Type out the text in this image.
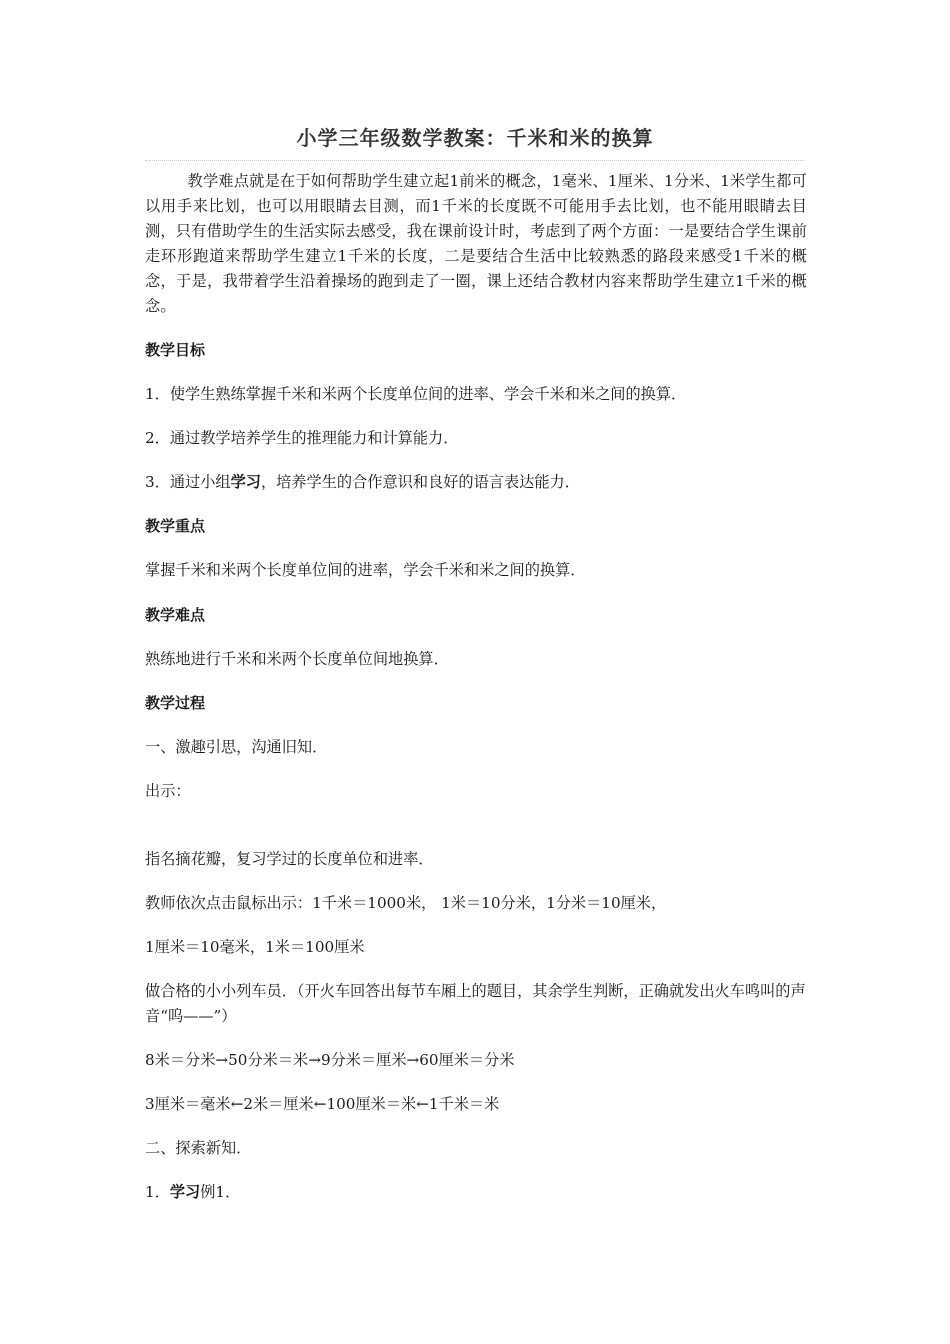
小学三年级数学教案：千米和米的换算
教学难点就是在于如何帮助学生建立起1前米的概念，1毫米、1厘米、1分米、1米学生都可以用手来比划，也可以用眼睛去目测，而1千米的长度既不可能用手去比划，也不能用眼睛去目测，只有借助学生的生活实际去感受，我在课前设计时，考虑到了两个方面：一是要结合学生课前走环形跑道来帮助学生建立1千米的长度，二是要结合生活中比较熟悉的路段来感受1千米的概念，于是，我带着学生沿着操场的跑到走了一圈，课上还结合教材内容来帮助学生建立1千米的概念。
教学目标
1．使学生熟练掌握千米和米两个长度单位间的进率、学会千米和米之间的换算．
2．通过教学培养学生的推理能力和计算能力．
3．通过小组学习，培养学生的合作意识和良好的语言表达能力．
教学重点
掌握千米和米两个长度单位间的进率，学会千米和米之间的换算．
教学难点
熟练地进行千米和米两个长度单位间地换算．
教学过程
一、激趣引思，沟通旧知．
出示：
指名摘花瓣，复习学过的长度单位和进率．
教师依次点击鼠标出示：1千米＝1000米， 1米＝10分米，1分米＝10厘米，
1厘米＝10毫米，1米＝100厘米
做合格的小小列车员．（开火车回答出每节车厢上的题目，其余学生判断，正确就发出火车鸣叫的声音“呜——”）
8米＝分米→50分米＝米→9分米＝厘米→60厘米＝分米
3厘米＝毫米←2米＝厘米←100厘米＝米←1千米＝米
二、探索新知．
1．学习例1．
